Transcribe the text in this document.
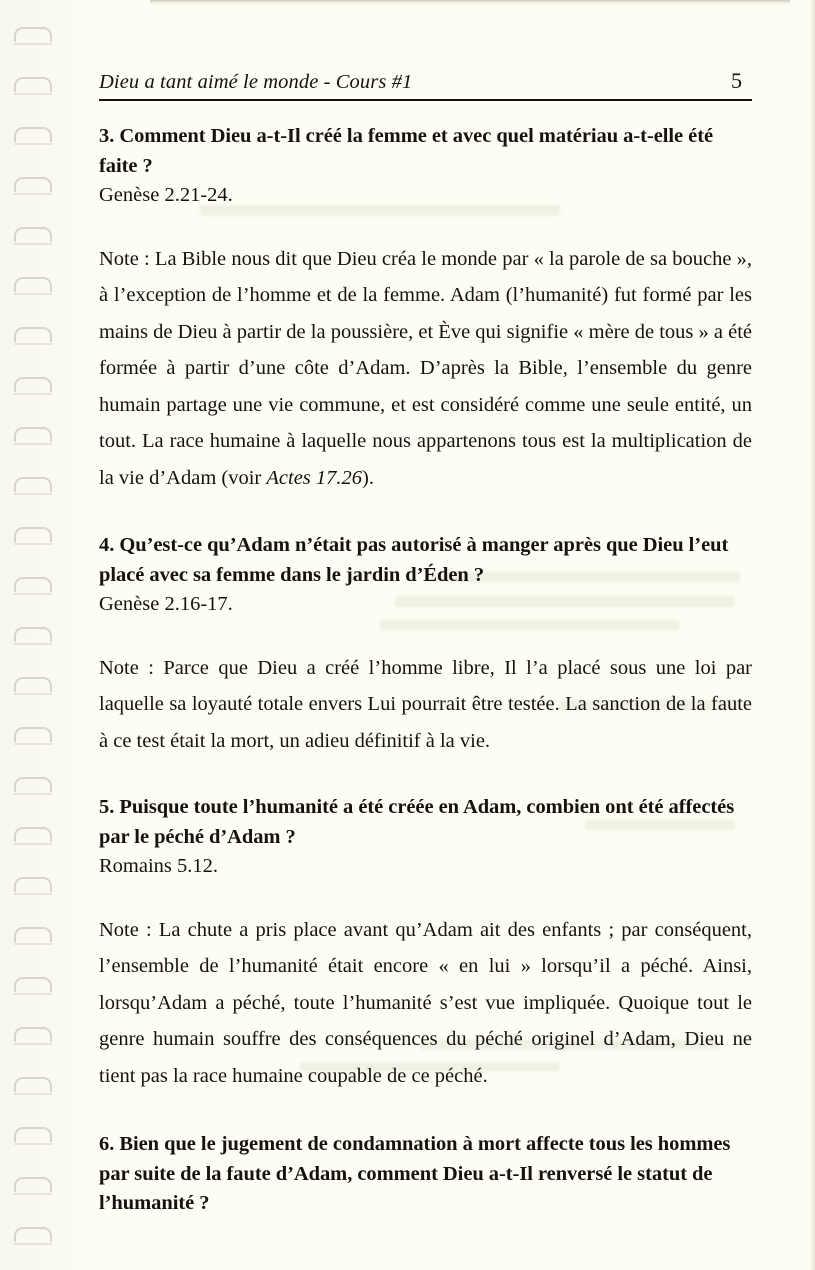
Dieu a tant aimé le monde - Cours #1	5

3. Comment Dieu a-t-Il créé la femme et avec quel matériau a-t-elle été faite ?

Genèse 2.21-24.

Note : La Bible nous dit que Dieu créa le monde par « la parole de sa bouche », à l’exception de l’homme et de la femme. Adam (l’humanité) fut formé par les mains de Dieu à partir de la poussière, et Ève qui signifie « mère de tous » a été formée à partir d’une côte d’Adam. D’après la Bible, l’ensemble du genre humain partage une vie commune, et est considéré comme une seule entité, un tout. La race humaine à laquelle nous appartenons tous est la multiplication de la vie d’Adam (voir Actes 17.26).

4. Qu’est-ce qu’Adam n’était pas autorisé à manger après que Dieu l’eut placé avec sa femme dans le jardin d’Éden ?

Genèse 2.16-17.

Note : Parce que Dieu a créé l’homme libre, Il l’a placé sous une loi par laquelle sa loyauté totale envers Lui pourrait être testée. La sanction de la faute à ce test était la mort, un adieu définitif à la vie.

5. Puisque toute l’humanité a été créée en Adam, combien ont été affectés par le péché d’Adam ?

Romains 5.12.

Note : La chute a pris place avant qu’Adam ait des enfants ; par conséquent, l’ensemble de l’humanité était encore « en lui » lorsqu’il a péché. Ainsi, lorsqu’Adam a péché, toute l’humanité s’est vue impliquée. Quoique tout le genre humain souffre des conséquences du péché originel d’Adam, Dieu ne tient pas la race humaine coupable de ce péché.

6. Bien que le jugement de condamnation à mort affecte tous les hommes par suite de la faute d’Adam, comment Dieu a-t-Il renversé le statut de l’humanité ?
